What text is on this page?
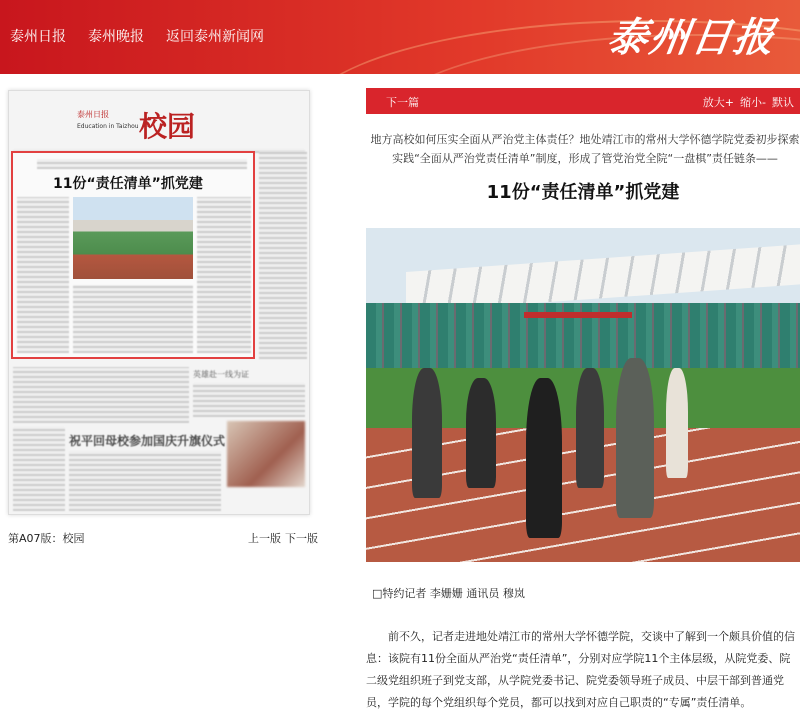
泰州日报 泰州晚报 返回泰州新闻网	泰州日报
泰州日报
Education in Taizhou 校园
11份“责任清单”抓党建
英雄赴一线为证
祝平回母校参加国庆升旗仪式
第A07版：校园	上一版 下一版
下一篇	放大+ 缩小- 默认
地方高校如何压实全面从严治党主体责任？地处靖江市的常州大学怀德学院党委初步探索实践“全面从严治党责任清单”制度，形成了管党治党全院“一盘棋”责任链条——
11份“责任清单”抓党建
□特约记者 李姗姗 通讯员 穆岚

前不久，记者走进地处靖江市的常州大学怀德学院，交谈中了解到一个颇具价值的信息：该院有11份全面从严治党“责任清单”，分别对应学院11个主体层级，从院党委、院二级党组织班子到党支部，从学院党委书记、院党委领导班子成员、中层干部到普通党员，学院的每个党组织每个党员，都可以找到对应自己职责的“专属”责任清单。
